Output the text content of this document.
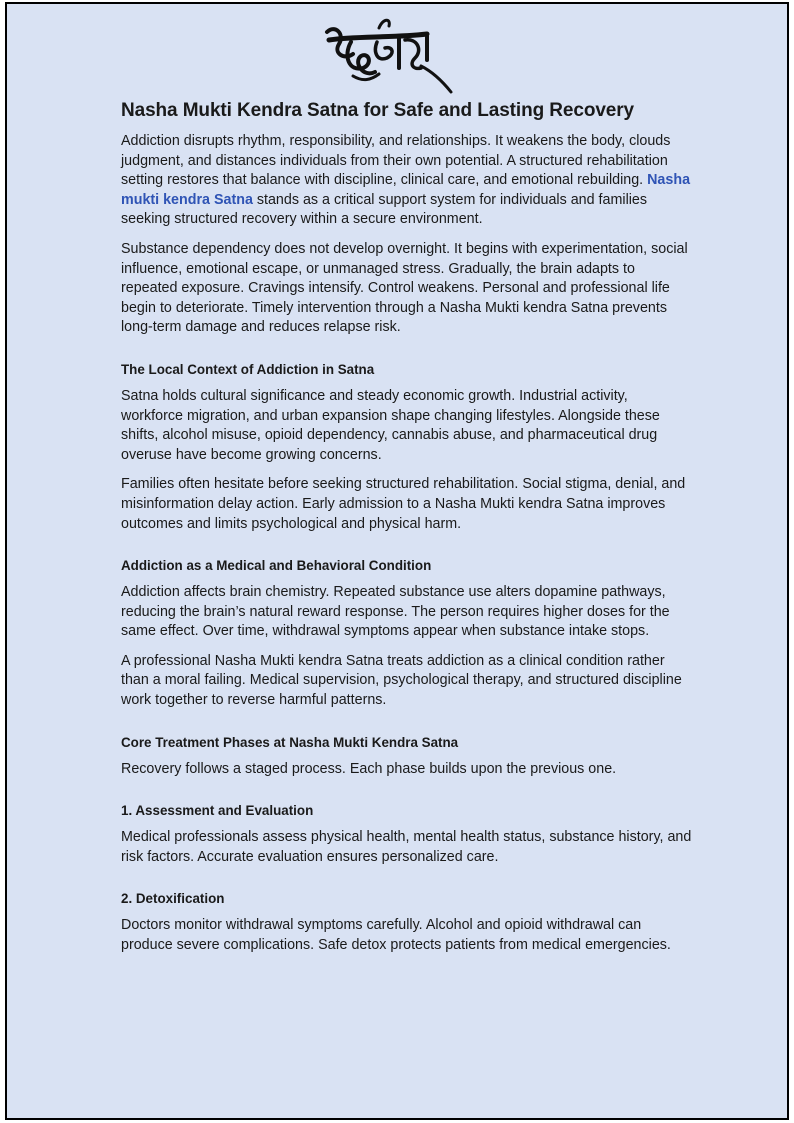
Nasha Mukti Kendra Satna for Safe and Lasting Recovery

Addiction disrupts rhythm, responsibility, and relationships. It weakens the body, clouds judgment, and distances individuals from their own potential. A structured rehabilitation setting restores that balance with discipline, clinical care, and emotional rebuilding. Nasha mukti kendra Satna stands as a critical support system for individuals and families seeking structured recovery within a secure environment.

Substance dependency does not develop overnight. It begins with experimentation, social influence, emotional escape, or unmanaged stress. Gradually, the brain adapts to repeated exposure. Cravings intensify. Control weakens. Personal and professional life begin to deteriorate. Timely intervention through a Nasha Mukti kendra Satna prevents long-term damage and reduces relapse risk.

The Local Context of Addiction in Satna

Satna holds cultural significance and steady economic growth. Industrial activity, workforce migration, and urban expansion shape changing lifestyles. Alongside these shifts, alcohol misuse, opioid dependency, cannabis abuse, and pharmaceutical drug overuse have become growing concerns.

Families often hesitate before seeking structured rehabilitation. Social stigma, denial, and misinformation delay action. Early admission to a Nasha Mukti kendra Satna improves outcomes and limits psychological and physical harm.

Addiction as a Medical and Behavioral Condition

Addiction affects brain chemistry. Repeated substance use alters dopamine pathways, reducing the brain’s natural reward response. The person requires higher doses for the same effect. Over time, withdrawal symptoms appear when substance intake stops.

A professional Nasha Mukti kendra Satna treats addiction as a clinical condition rather than a moral failing. Medical supervision, psychological therapy, and structured discipline work together to reverse harmful patterns.

Core Treatment Phases at Nasha Mukti Kendra Satna

Recovery follows a staged process. Each phase builds upon the previous one.

1. Assessment and Evaluation

Medical professionals assess physical health, mental health status, substance history, and risk factors. Accurate evaluation ensures personalized care.

2. Detoxification

Doctors monitor withdrawal symptoms carefully. Alcohol and opioid withdrawal can produce severe complications. Safe detox protects patients from medical emergencies.
